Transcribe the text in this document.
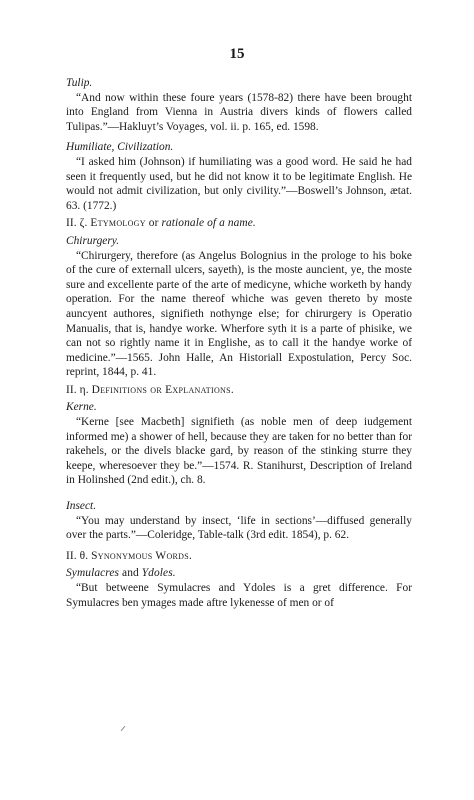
15

Tulip.

“And now within these foure years (1578-82) there have been brought into England from Vienna in Austria divers kinds of flowers called Tulipas.”—Hakluyt’s Voyages, vol. ii. p. 165, ed. 1598.

Humiliate, Civilization.

“I asked him (Johnson) if humiliating was a good word. He said he had seen it frequently used, but he did not know it to be legitimate English. He would not admit civilization, but only civility.”—Boswell’s Johnson, ætat. 63. (1772.)

II. ζ. Etymology or rationale of a name.

Chirurgery.

“Chirurgery, therefore (as Angelus Bolognius in the prologe to his boke of the cure of externall ulcers, sayeth), is the moste auncient, ye, the moste sure and excellente parte of the arte of medicyne, whiche worketh by handy operation. For the name thereof whiche was geven thereto by moste auncyent authores, signifieth nothynge else; for chirurgery is Operatio Manualis, that is, handye worke. Wherfore syth it is a parte of phisike, we can not so rightly name it in Englishe, as to call it the handye worke of medicine.”—1565. John Halle, An Historiall Expostulation, Percy Soc. reprint, 1844, p. 41.

II. η. Definitions or Explanations.

Kerne.

“Kerne [see Macbeth] signifieth (as noble men of deep iudgement informed me) a shower of hell, because they are taken for no better than for rakehels, or the divels blacke gard, by reason of the stinking sturre they keepe, wheresoever they be.”—1574. R. Stanihurst, Description of Ireland in Holinshed (2nd edit.), ch. 8.

Insect.

“You may understand by insect, ‘life in sections’—diffused generally over the parts.”—Coleridge, Table-talk (3rd edit. 1854), p. 62.

II. θ. Synonymous Words.

Symulacres and Ydoles.

“But betweene Symulacres and Ydoles is a gret difference. For Symulacres ben ymages made aftre lykenesse of men or of
